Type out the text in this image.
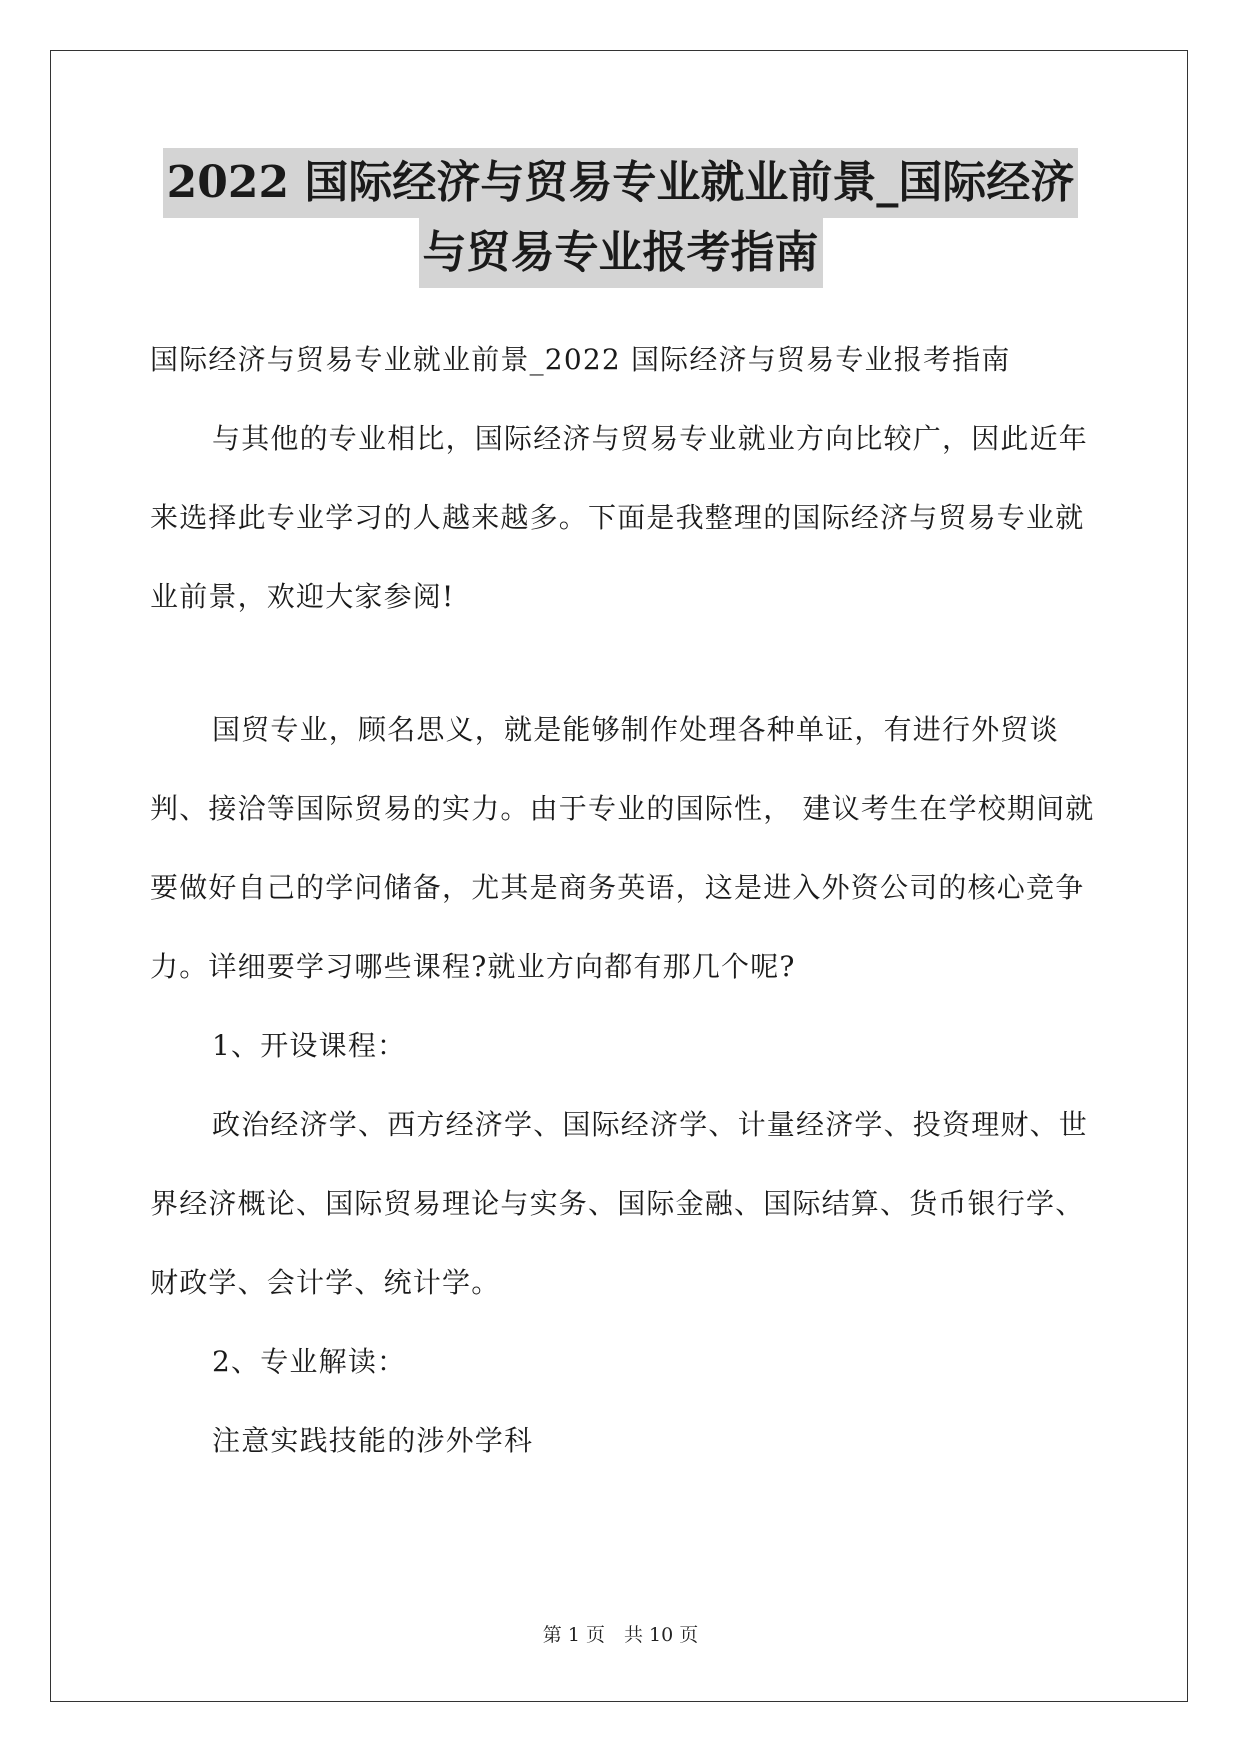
2022 国际经济与贸易专业就业前景_国际经济
与贸易专业报考指南

国际经济与贸易专业就业前景_2022 国际经济与贸易专业报考指南

与其他的专业相比，国际经济与贸易专业就业方向比较广，因此近年来选择此专业学习的人越来越多。下面是我整理的国际经济与贸易专业就业前景，欢迎大家参阅!

国贸专业，顾名思义，就是能够制作处理各种单证，有进行外贸谈判、接洽等国际贸易的实力。由于专业的国际性， 建议考生在学校期间就要做好自己的学问储备，尤其是商务英语，这是进入外资公司的核心竞争力。详细要学习哪些课程?就业方向都有那几个呢?

1、开设课程：

政治经济学、西方经济学、国际经济学、计量经济学、投资理财、世界经济概论、国际贸易理论与实务、国际金融、国际结算、货币银行学、财政学、会计学、统计学。

2、专业解读：

注意实践技能的涉外学科

第 1 页　共 10 页
